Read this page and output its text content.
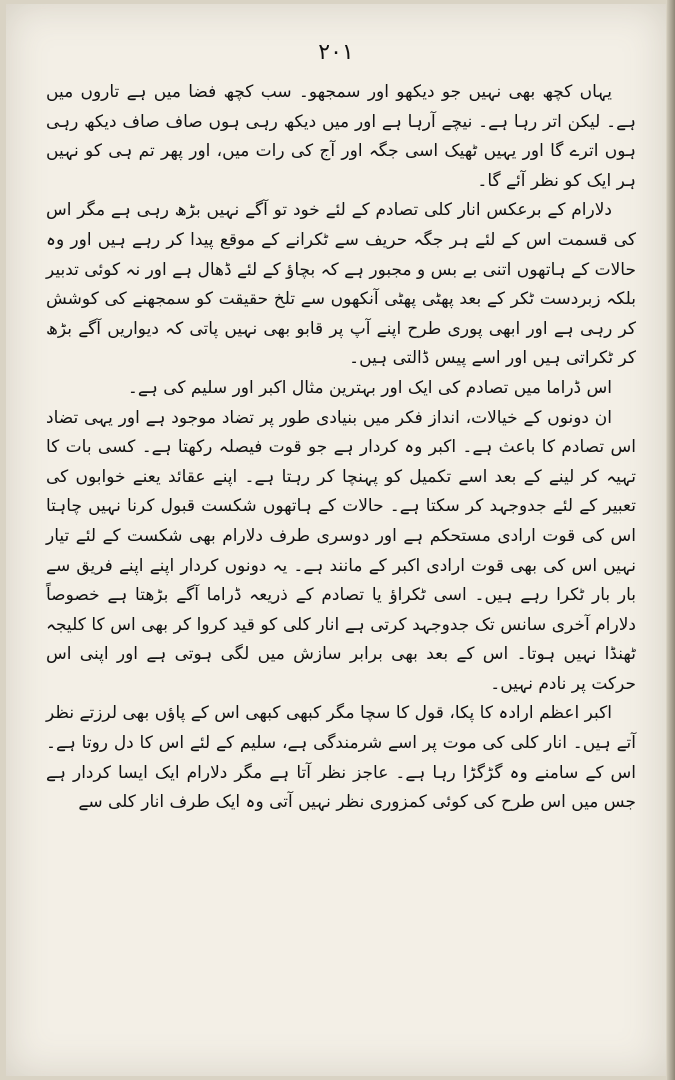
۲۰۱

یہاں کچھ بھی نہیں جو دیکھو اور سمجھو۔ سب کچھ فضا میں ہے تاروں میں ہے۔ لیکن اتر رہا ہے۔ نیچے آرہا ہے اور میں دیکھ رہی ہوں صاف صاف دیکھ رہی ہوں اترے گا اور یہیں ٹھیک اسی جگہ اور آج کی رات میں، اور پھر تم ہی کو نہیں ہر ایک کو نظر آئے گا۔

دلارام کے برعکس انار کلی تصادم کے لئے خود تو آگے نہیں بڑھ رہی ہے مگر اس کی قسمت اس کے لئے ہر جگہ حریف سے ٹکرانے کے موقع پیدا کر رہے ہیں اور وہ حالات کے ہاتھوں اتنی بے بس و مجبور ہے کہ بچاؤ کے لئے ڈھال ہے اور نہ کوئی تدبیر بلکہ زبردست ٹکر کے بعد پھٹی پھٹی آنکھوں سے تلخ حقیقت کو سمجھنے کی کوشش کر رہی ہے اور ابھی پوری طرح اپنے آپ پر قابو بھی نہیں پاتی کہ دیواریں آگے بڑھ کر ٹکراتی ہیں اور اسے پیس ڈالتی ہیں۔

اس ڈراما میں تصادم کی ایک اور بہترین مثال اکبر اور سلیم کی ہے۔

ان دونوں کے خیالات، انداز فکر میں بنیادی طور پر تضاد موجود ہے اور یہی تضاد اس تصادم کا باعث ہے۔ اکبر وہ کردار ہے جو قوت فیصلہ رکھتا ہے۔ کسی بات کا تہیہ کر لینے کے بعد اسے تکمیل کو پہنچا کر رہتا ہے۔ اپنے عقائد یعنے خوابوں کی تعبیر کے لئے جدوجہد کر سکتا ہے۔ حالات کے ہاتھوں شکست قبول کرنا نہیں چاہتا اس کی قوت ارادی مستحکم ہے اور دوسری طرف دلارام بھی شکست کے لئے تیار نہیں اس کی بھی قوت ارادی اکبر کے مانند ہے۔ یہ دونوں کردار اپنے اپنے فریق سے بار بار ٹکرا رہے ہیں۔ اسی ٹکراؤ یا تصادم کے ذریعہ ڈراما آگے بڑھتا ہے خصوصاً دلارام آخری سانس تک جدوجہد کرتی ہے انار کلی کو قید کروا کر بھی اس کا کلیجہ ٹھنڈا نہیں ہوتا۔ اس کے بعد بھی برابر سازش میں لگی ہوتی ہے اور اپنی اس حرکت پر نادم نہیں۔

اکبر اعظم ارادہ کا پکا، قول کا سچا مگر کبھی کبھی اس کے پاؤں بھی لرزتے نظر آتے ہیں۔ انار کلی کی موت پر اسے شرمندگی ہے، سلیم کے لئے اس کا دل روتا ہے۔ اس کے سامنے وہ گڑگڑا رہا ہے۔ عاجز نظر آتا ہے مگر دلارام ایک ایسا کردار ہے جس میں اس طرح کی کوئی کمزوری نظر نہیں آتی وہ ایک طرف انار کلی سے
